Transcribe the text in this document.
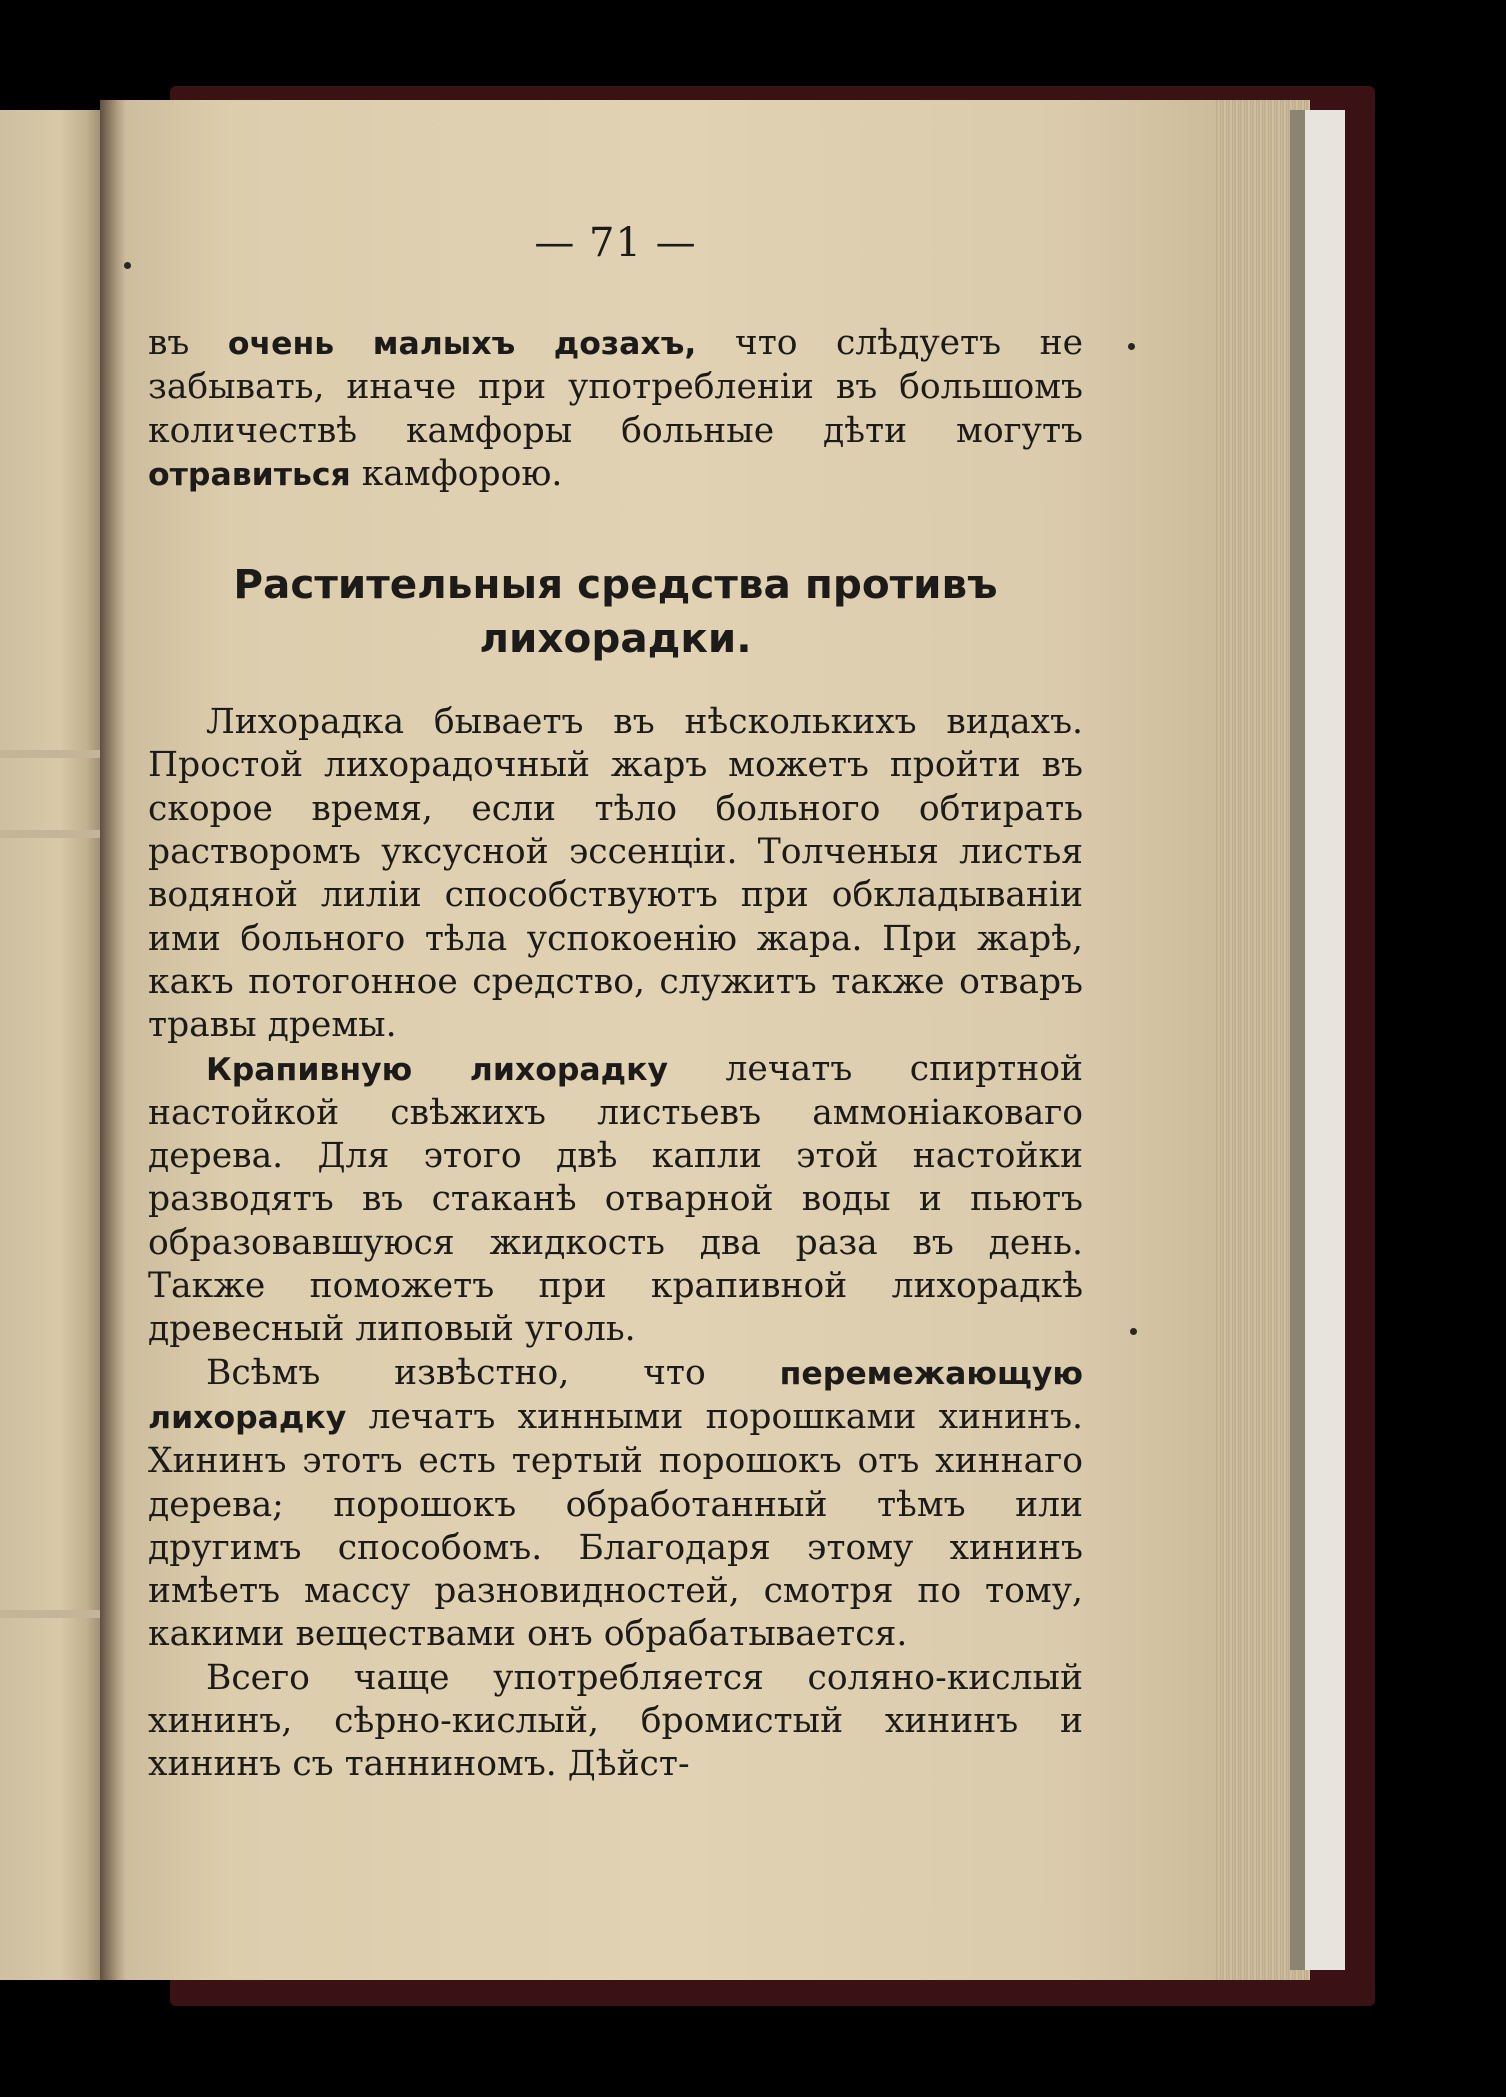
— 71 —

въ очень малыхъ дозахъ, что слѣдуетъ не забывать, иначе при употребленiи въ большомъ количествѣ камфоры больные дѣти могутъ отравиться камфорою.

Растительныя средства противъ лихорадки.

Лихорадка бываетъ въ нѣсколькихъ видахъ. Простой лихорадочный жаръ можетъ пройти въ скорое время, если тѣло больного обтирать растворомъ уксусной эссенцiи. Толченыя листья водяной лилiи способствуютъ при обкладыванiи ими больного тѣла успокоенiю жара. При жарѣ, какъ потогонное средство, служитъ также отваръ травы дремы.

Крапивную лихорадку лечатъ спиртной настойкой свѣжихъ листьевъ аммонiаковаго дерева. Для этого двѣ капли этой настойки разводятъ въ стаканѣ отварной воды и пьютъ образовавшуюся жидкость два раза въ день. Также поможетъ при крапивной лихорадкѣ древесный липовый уголь.

Всѣмъ извѣстно, что перемежающую лихорадку лечатъ хинными порошками хининъ. Хининъ этотъ есть тертый порошокъ отъ хиннаго дерева; порошокъ обработанный тѣмъ или другимъ способомъ. Благодаря этому хининъ имѣетъ массу разновидностей, смотря по тому, какими веществами онъ обрабатывается.

Всего чаще употребляется соляно-кислый хининъ, сѣрно-кислый, бромистый хининъ и хининъ съ танниномъ. Дѣйст-
